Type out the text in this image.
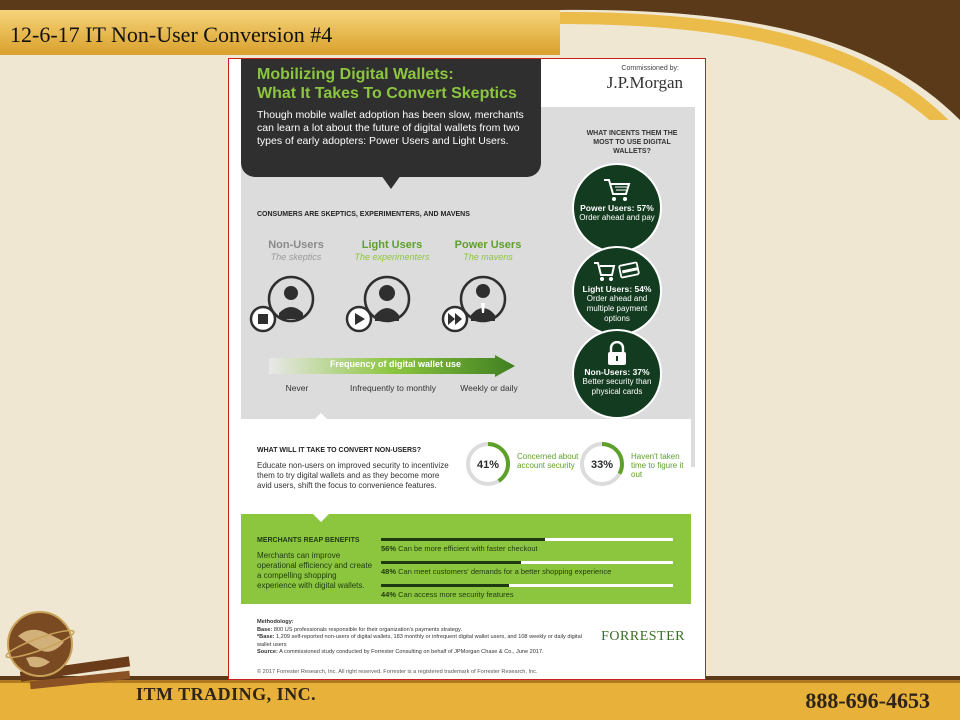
12-6-17 IT Non-User Conversion #4
ITM TRADING, INC.	888-696-4653
Mobilizing Digital Wallets:
What It Takes To Convert Skeptics
Though mobile wallet adoption has been slow, merchants can learn a lot about the future of digital wallets from two types of early adopters: Power Users and Light Users.
Commissioned by:
J.P.Morgan
CONSUMERS ARE SKEPTICS, EXPERIMENTERS, AND MAVENS
Non-Users
The skeptics
Light Users
The experimenters
Power Users
The mavens
Frequency of digital wallet use
Never	Infrequently to monthly	Weekly or daily
WHAT INCENTS THEM THE MOST TO USE DIGITAL WALLETS?
Power Users: 57%
Order ahead and pay
Light Users: 54%
Order ahead and multiple payment options
Non-Users: 37%
Better security than physical cards
WHAT WILL IT TAKE TO CONVERT NON-USERS?
Educate non-users on improved security to incentivize them to try digital wallets and as they become more avid users, shift the focus to convenience features.
41%
Concerned about account security	33%
Haven't taken time to figure it out
MERCHANTS REAP BENEFITS
Merchants can improve operational efficiency and create a compelling shopping experience with digital wallets.
56% Can be more efficient with faster checkout
48% Can meet customers' demands for a better shopping experience
44% Can access more security features
Methodology:
Base: 800 US professionals responsible for their organization's payments strategy.
*Base: 1,209 self-reported non-users of digital wallets, 183 monthly or infrequent digital wallet users, and 108 weekly or daily digital wallet users
Source: A commissioned study conducted by Forrester Consulting on behalf of JPMorgan Chase & Co., June 2017.
FORRESTER
© 2017 Forrester Research, Inc. All right reserved. Forrester is a registered trademark of Forrester Research, Inc.
